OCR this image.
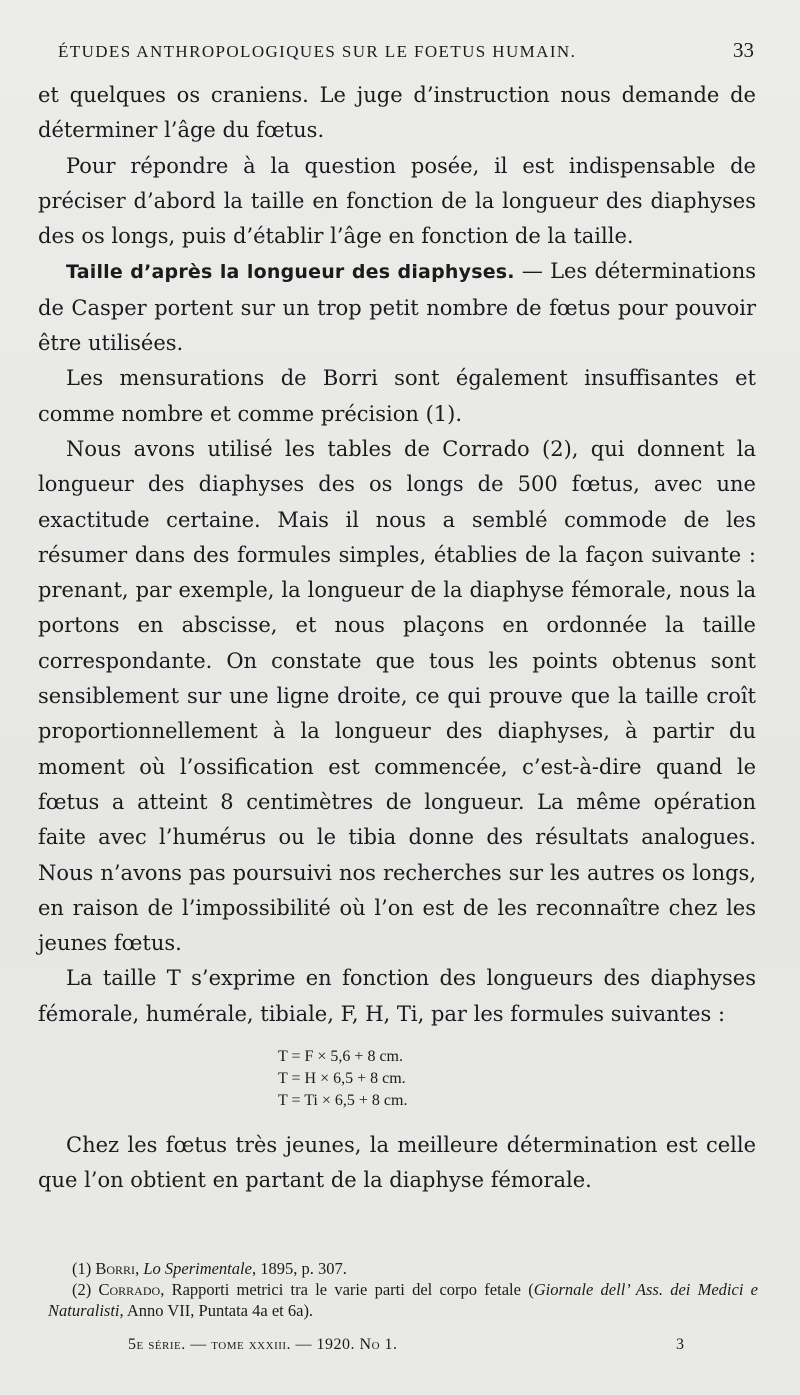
ÉTUDES ANTHROPOLOGIQUES SUR LE FOETUS HUMAIN.	33

et quelques os craniens. Le juge d’instruction nous demande de déterminer l’âge du fœtus.

Pour répondre à la question posée, il est indispensable de préciser d’abord la taille en fonction de la longueur des diaphyses des os longs, puis d’établir l’âge en fonction de la taille.

Taille d’après la longueur des diaphyses. — Les déterminations de Casper portent sur un trop petit nombre de fœtus pour pouvoir être utilisées.

Les mensurations de Borri sont également insuffisantes et comme nombre et comme précision (1).

Nous avons utilisé les tables de Corrado (2), qui donnent la longueur des diaphyses des os longs de 500 fœtus, avec une exactitude certaine. Mais il nous a semblé commode de les résumer dans des formules simples, établies de la façon suivante : prenant, par exemple, la longueur de la diaphyse fémorale, nous la portons en abscisse, et nous plaçons en ordonnée la taille correspondante. On constate que tous les points obtenus sont sensiblement sur une ligne droite, ce qui prouve que la taille croît proportionnellement à la longueur des diaphyses, à partir du moment où l’ossification est commencée, c’est-à-dire quand le fœtus a atteint 8 centimètres de longueur. La même opération faite avec l’humérus ou le tibia donne des résultats analogues. Nous n’avons pas poursuivi nos recherches sur les autres os longs, en raison de l’impossibilité où l’on est de les reconnaître chez les jeunes fœtus.

La taille T s’exprime en fonction des longueurs des diaphyses fémorale, humérale, tibiale, F, H, Ti, par les formules suivantes :

T = F × 5,6 + 8 cm.
T = H × 6,5 + 8 cm.
T = Ti × 6,5 + 8 cm.

Chez les fœtus très jeunes, la meilleure détermination est celle que l’on obtient en partant de la diaphyse fémorale.

(1) Borri, Lo Sperimentale, 1895, p. 307.

(2) Corrado, Rapporti metrici tra le varie parti del corpo fetale (Giornale dell’ Ass. dei Medici e Naturalisti, Anno VII, Puntata 4a et 6a).

5e série. — tome xxxiii. — 1920. No 1.	3
